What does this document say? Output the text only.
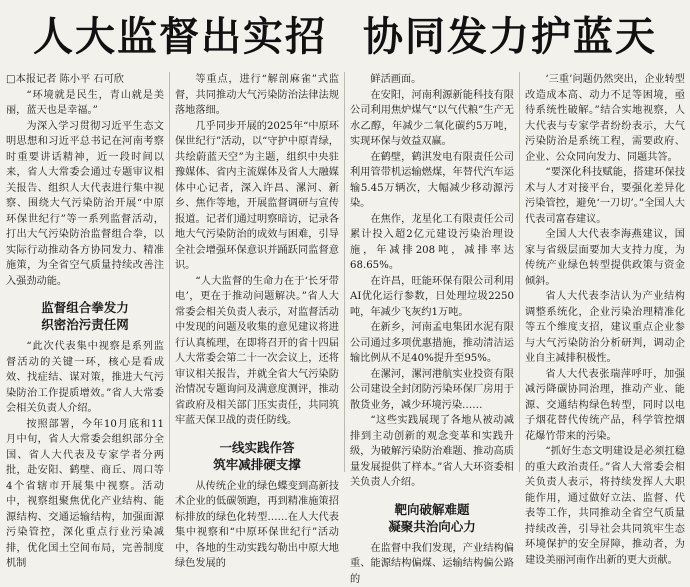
人大监督出实招 协同发力护蓝天

□本报记者 陈小平 石可欣

“环境就是民生，青山就是美丽，蓝天也是幸福。”

为深入学习贯彻习近平生态文明思想和习近平总书记在河南考察时重要讲话精神，近一段时间以来，省人大常委会通过专题审议相关报告、组织人大代表进行集中视察、围绕大气污染防治开展“中原环保世纪行”等一系列监督活动，打出大气污染防治监督组合拳，以实际行动推动各方协同发力、精准施策，为全省空气质量持续改善注入强劲动能。

监督组合拳发力
织密治污责任网

“此次代表集中视察是系列监督活动的关键一环，核心是看成效、找症结、谋对策，推进大气污染防治工作提质增效。”省人大常委会相关负责人介绍。

按照部署，今年10月底和11月中旬，省人大常委会组织部分全国、省人大代表及专家学者分两批，赴安阳、鹤壁、商丘、周口等4个省辖市开展集中视察。活动中，视察组聚焦优化产业结构、能源结构、交通运输结构，加强面源污染管控，深化重点行业污染减排，优化国土空间布局，完善制度机制

等重点，进行“解剖麻雀”式监督，共同推动大气污染防治法律法规落地落细。

几乎同步开展的2025年“中原环保世纪行”活动，以“守护中原青绿，共绘蔚蓝天空”为主题，组织中央驻豫媒体、省内主流媒体及省人大融媒体中心记者，深入许昌、漯河、新乡、焦作等地，开展监督调研与宣传报道。记者们通过明察暗访，记录各地大气污染防治的成效与困难，引导全社会增强环保意识并踊跃同监督意识。

“人大监督的生命力在于‘长牙带电’，更在于推动问题解决。”省人大常委会相关负责人表示，对监督活动中发现的问题及收集的意见建议将进行认真梳理，在即将召开的省十四届人大常委会第二十一次会议上，还将审议相关报告，并就全省大气污染防治情况专题询问及满意度测评，推动省政府及相关部门压实责任，共同筑牢蓝天保卫战的责任防线。

一线实践作答
筑牢减排硬支撑

从传统企业的绿色蝶变到高新技术企业的低碳领跑，再到精准施策招标排放的绿色化转型……在人大代表集中视察和“中原环保世纪行”活动中，各地的生动实践勾勒出中原大地绿色发展的

鲜活画面。

在安阳，河南利源新能科技有限公司利用焦炉煤气“以气代粮”生产无水乙醇，年减少二氧化碳约5万吨，实现环保与效益双赢。

在鹤壁，鹤淇发电有限责任公司利用管带机运输燃煤，年替代汽车运输5.45万辆次，大幅减少移动源污染。

在焦作，龙星化工有限责任公司累计投入超2亿元建设污染治理设施，年减排208吨，减排率达68.65%。

在许昌，旺能环保有限公司利用AI优化运行参数，日处理垃圾2250吨，年减少飞灰约1万吨。

在新乡，河南孟电集团水泥有限公司通过多项优惠措施，推动清洁运输比例从不足40%提升至95%。

在漯河，漯河港航实业投资有限公司建设全封闭防污染环保厂房用于散货业务，减少环境污染……

“这些实践展现了各地从被动减排到主动创新的观念变革和实践升级，为破解污染防治难题、推动高质量发展提供了样本。”省人大环资委相关负责人介绍。

靶向破解难题
凝聚共治向心力

在监督中我们发现，产业结构偏重、能源结构偏煤、运输结构偏公路的

‘三重’问题仍然突出，企业转型改造成本高、动力不足等困境，亟待系统性破解。”结合实地视察，人大代表与专家学者纷纷表示，大气污染防治是系统工程，需要政府、企业、公众同向发力、同题共答。

“要深化科技赋能，搭建环保技术与人才对接平台，要强化差异化污染管控，避免‘一刀切’。”全国人大代表司富春建议。

全国人大代表李海燕建议，国家与省级层面要加大支持力度，为传统产业绿色转型提供政策与资金倾斜。

省人大代表李洁认为产业结构调整系统化，企业污染治理精准化等五个维度支招，建议重点企业参与大气污染防治分析研判，调动企业自主减排积极性。

省人大代表张瑞萍呼吁，加强减污降碳协同治理，推动产业、能源、交通结构绿色转型，同时以电子烟花替代传统产品，科学管控烟花爆竹带来的污染。

“抓好生态文明建设是必须扛稳的重大政治责任。”省人大常委会相关负责人表示，将持续发挥人大职能作用，通过做好立法、监督、代表等工作，共同推动全省空气质量持续改善，引导社会共同筑牢生态环境保护的安全屏障，推动者，为建设美丽河南作出新的更大贡献。
